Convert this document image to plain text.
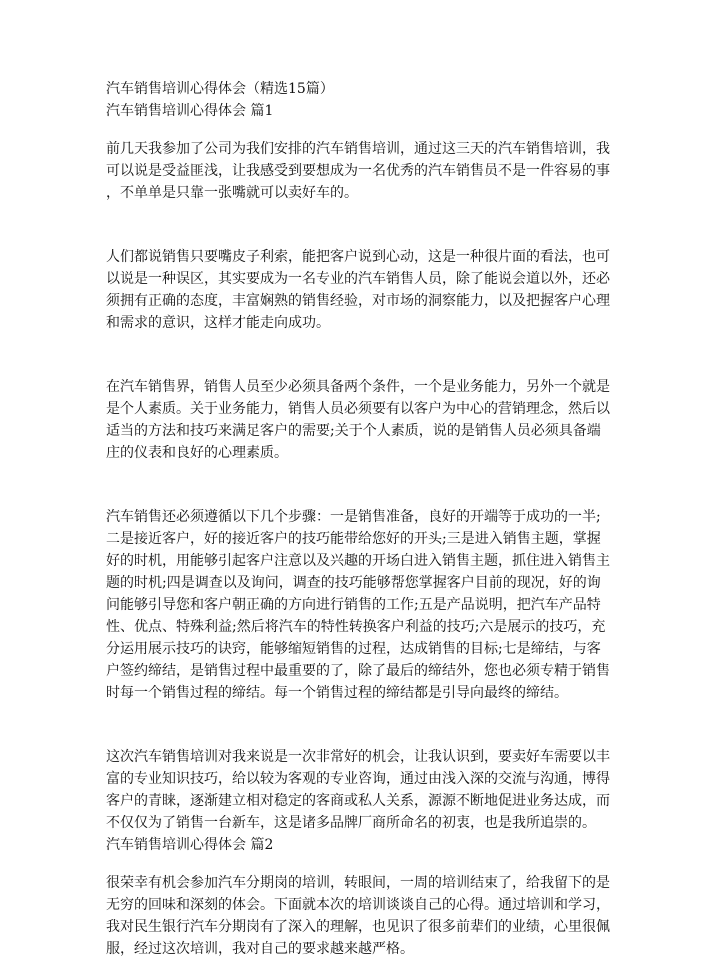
汽车销售培训心得体会（精选15篇）

汽车销售培训心得体会 篇1

前几天我参加了公司为我们安排的汽车销售培训，通过这三天的汽车销售培训，我

可以说是受益匪浅，让我感受到要想成为一名优秀的汽车销售员不是一件容易的事

，不单单是只靠一张嘴就可以卖好车的。

人们都说销售只要嘴皮子利索，能把客户说到心动，这是一种很片面的看法，也可

以说是一种误区，其实要成为一名专业的汽车销售人员，除了能说会道以外，还必

须拥有正确的态度，丰富娴熟的销售经验，对市场的洞察能力，以及把握客户心理

和需求的意识，这样才能走向成功。

在汽车销售界，销售人员至少必须具备两个条件，一个是业务能力，另外一个就是

是个人素质。关于业务能力，销售人员必须要有以客户为中心的营销理念，然后以

适当的方法和技巧来满足客户的需要;关于个人素质，说的是销售人员必须具备端

庄的仪表和良好的心理素质。

汽车销售还必须遵循以下几个步骤：一是销售准备，良好的开端等于成功的一半;

二是接近客户，好的接近客户的技巧能带给您好的开头;三是进入销售主题，掌握

好的时机，用能够引起客户注意以及兴趣的开场白进入销售主题，抓住进入销售主

题的时机;四是调查以及询问，调查的技巧能够帮您掌握客户目前的现况，好的询

问能够引导您和客户朝正确的方向进行销售的工作;五是产品说明，把汽车产品特

性、优点、特殊利益;然后将汽车的特性转换客户利益的技巧;六是展示的技巧，充

分运用展示技巧的诀窍，能够缩短销售的过程，达成销售的目标;七是缔结，与客

户签约缔结，是销售过程中最重要的了，除了最后的缔结外，您也必须专精于销售

时每一个销售过程的缔结。每一个销售过程的缔结都是引导向最终的缔结。

这次汽车销售培训对我来说是一次非常好的机会，让我认识到，要卖好车需要以丰

富的专业知识技巧，给以较为客观的专业咨询，通过由浅入深的交流与沟通，博得

客户的青睐，逐渐建立相对稳定的客商或私人关系，源源不断地促进业务达成，而

不仅仅为了销售一台新车，这是诸多品牌厂商所命名的初衷，也是我所追崇的。

汽车销售培训心得体会 篇2

很荣幸有机会参加汽车分期岗的培训，转眼间，一周的培训结束了，给我留下的是

无穷的回味和深刻的体会。下面就本次的培训谈谈自己的心得。通过培训和学习，

我对民生银行汽车分期岗有了深入的理解，也见识了很多前辈们的业绩，心里很佩

服，经过这次培训，我对自己的要求越来越严格。
